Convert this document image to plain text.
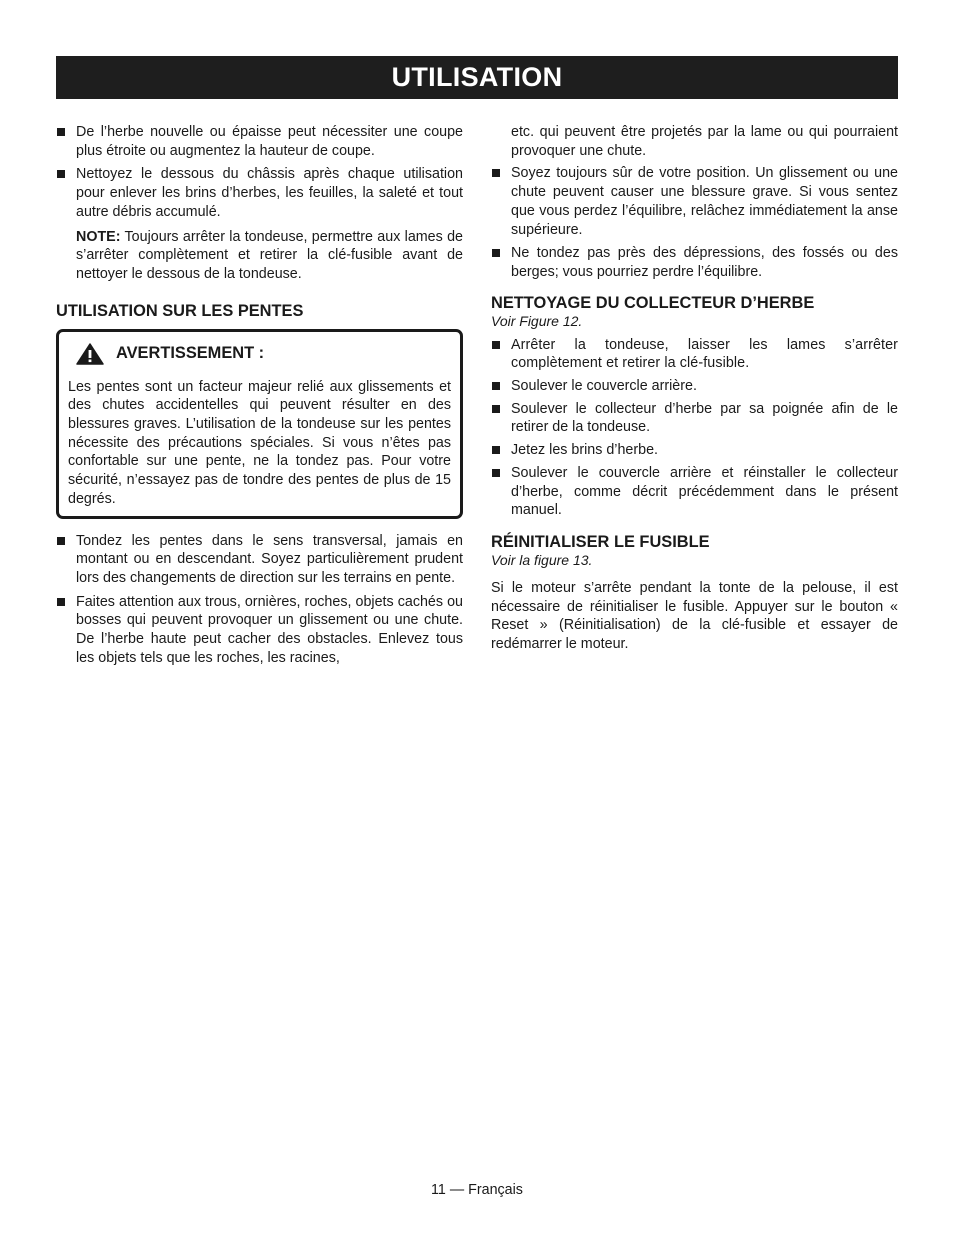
UTILISATION
De l’herbe nouvelle ou épaisse peut nécessiter une coupe plus étroite ou augmentez la hauteur de coupe.
Nettoyez le dessous du châssis après chaque utilisation pour enlever les brins d’herbes, les feuilles, la saleté et tout autre débris accumulé.
NOTE: Toujours arrêter la tondeuse, permettre aux lames de s’arrêter complètement et retirer la clé-fusible avant de nettoyer le dessous de la tondeuse.
UTILISATION SUR LES PENTES
AVERTISSEMENT :
Les pentes sont un facteur majeur relié aux glissements et des chutes accidentelles qui peuvent résulter en des blessures graves. L’utilisation de la tondeuse sur les pentes nécessite des précautions spéciales. Si vous n’êtes pas confortable sur une pente, ne la tondez pas. Pour votre sécurité, n’essayez pas de tondre des pentes de plus de 15 degrés.
Tondez les pentes dans le sens transversal, jamais en montant ou en descendant. Soyez particulièrement prudent lors des changements de direction sur les terrains en pente.
Faites attention aux trous, ornières, roches, objets cachés ou bosses qui peuvent provoquer un glissement ou une chute. De l’herbe haute peut cacher des obstacles. Enlevez tous les objets tels que les roches, les racines,
etc. qui peuvent être projetés par la lame ou qui pourraient provoquer une chute.
Soyez toujours sûr de votre position. Un glissement ou une chute peuvent causer une blessure grave. Si vous sentez que vous perdez l’équilibre, relâchez immédiatement la anse supérieure.
Ne tondez pas près des dépressions, des fossés ou des berges; vous pourriez perdre l’équilibre.
NETTOYAGE DU COLLECTEUR D’HERBE
Voir Figure 12.
Arrêter la tondeuse, laisser les lames s’arrêter complètement et retirer la clé-fusible.
Soulever le couvercle arrière.
Soulever le collecteur d’herbe par sa poignée afin de le retirer de la tondeuse.
Jetez les brins d’herbe.
Soulever le couvercle arrière et réinstaller le collecteur d’herbe, comme décrit précédemment dans le présent manuel.
RÉINITIALISER LE FUSIBLE
Voir la figure 13.
Si le moteur s’arrête pendant la tonte de la pelouse, il est nécessaire de réinitialiser le fusible. Appuyer sur le bouton « Reset » (Réinitialisation) de la clé-fusible et essayer de redémarrer le moteur.
11 — Français
